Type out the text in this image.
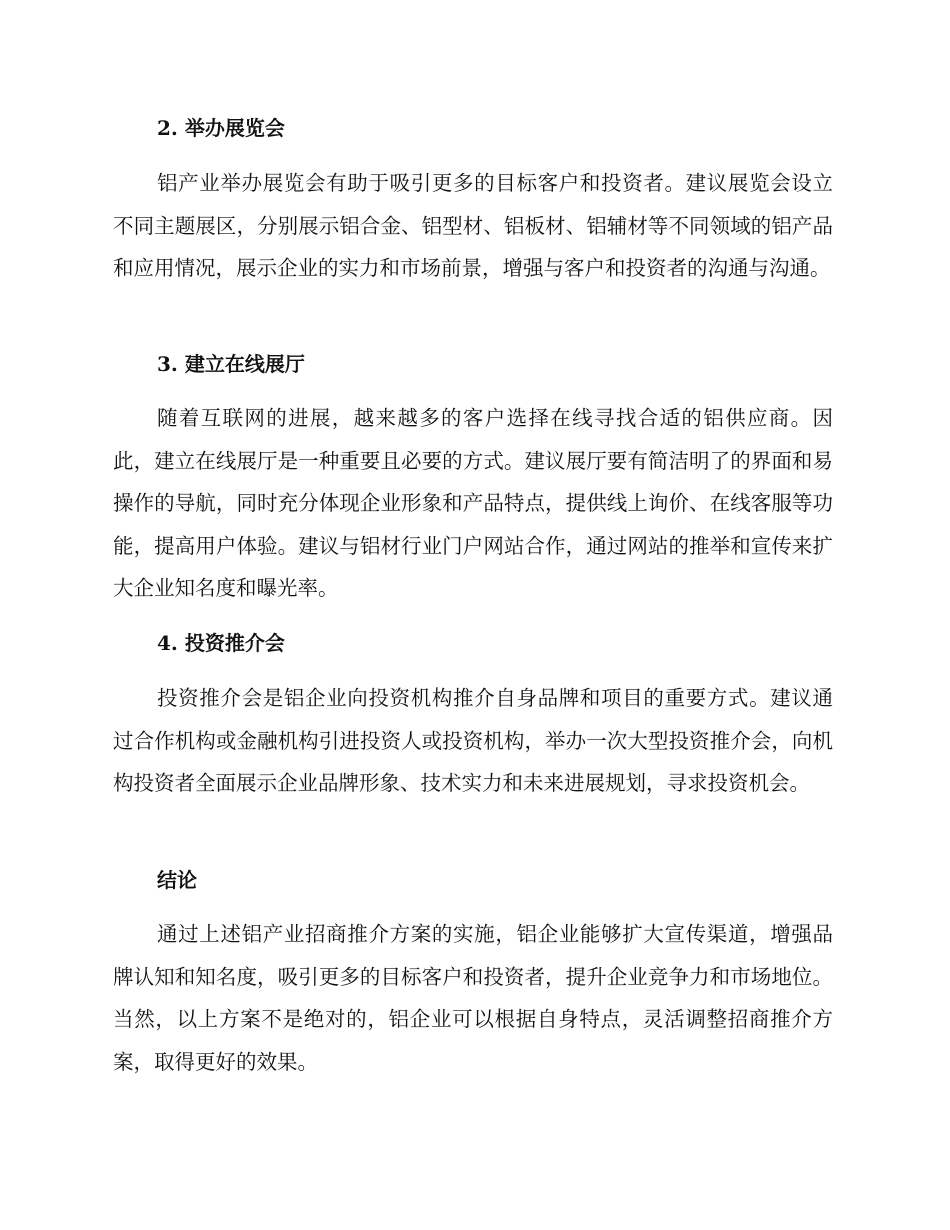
2. 举办展览会

铝产业举办展览会有助于吸引更多的目标客户和投资者。建议展览会设立不同主题展区，分别展示铝合金、铝型材、铝板材、铝辅材等不同领域的铝产品和应用情况，展示企业的实力和市场前景，增强与客户和投资者的沟通与沟通。

3. 建立在线展厅

随着互联网的进展，越来越多的客户选择在线寻找合适的铝供应商。因此，建立在线展厅是一种重要且必要的方式。建议展厅要有简洁明了的界面和易操作的导航，同时充分体现企业形象和产品特点，提供线上询价、在线客服等功能，提高用户体验。建议与铝材行业门户网站合作，通过网站的推举和宣传来扩大企业知名度和曝光率。

4. 投资推介会

投资推介会是铝企业向投资机构推介自身品牌和项目的重要方式。建议通过合作机构或金融机构引进投资人或投资机构，举办一次大型投资推介会，向机构投资者全面展示企业品牌形象、技术实力和未来进展规划，寻求投资机会。

结论

通过上述铝产业招商推介方案的实施，铝企业能够扩大宣传渠道，增强品牌认知和知名度，吸引更多的目标客户和投资者，提升企业竞争力和市场地位。当然，以上方案不是绝对的，铝企业可以根据自身特点，灵活调整招商推介方案，取得更好的效果。
